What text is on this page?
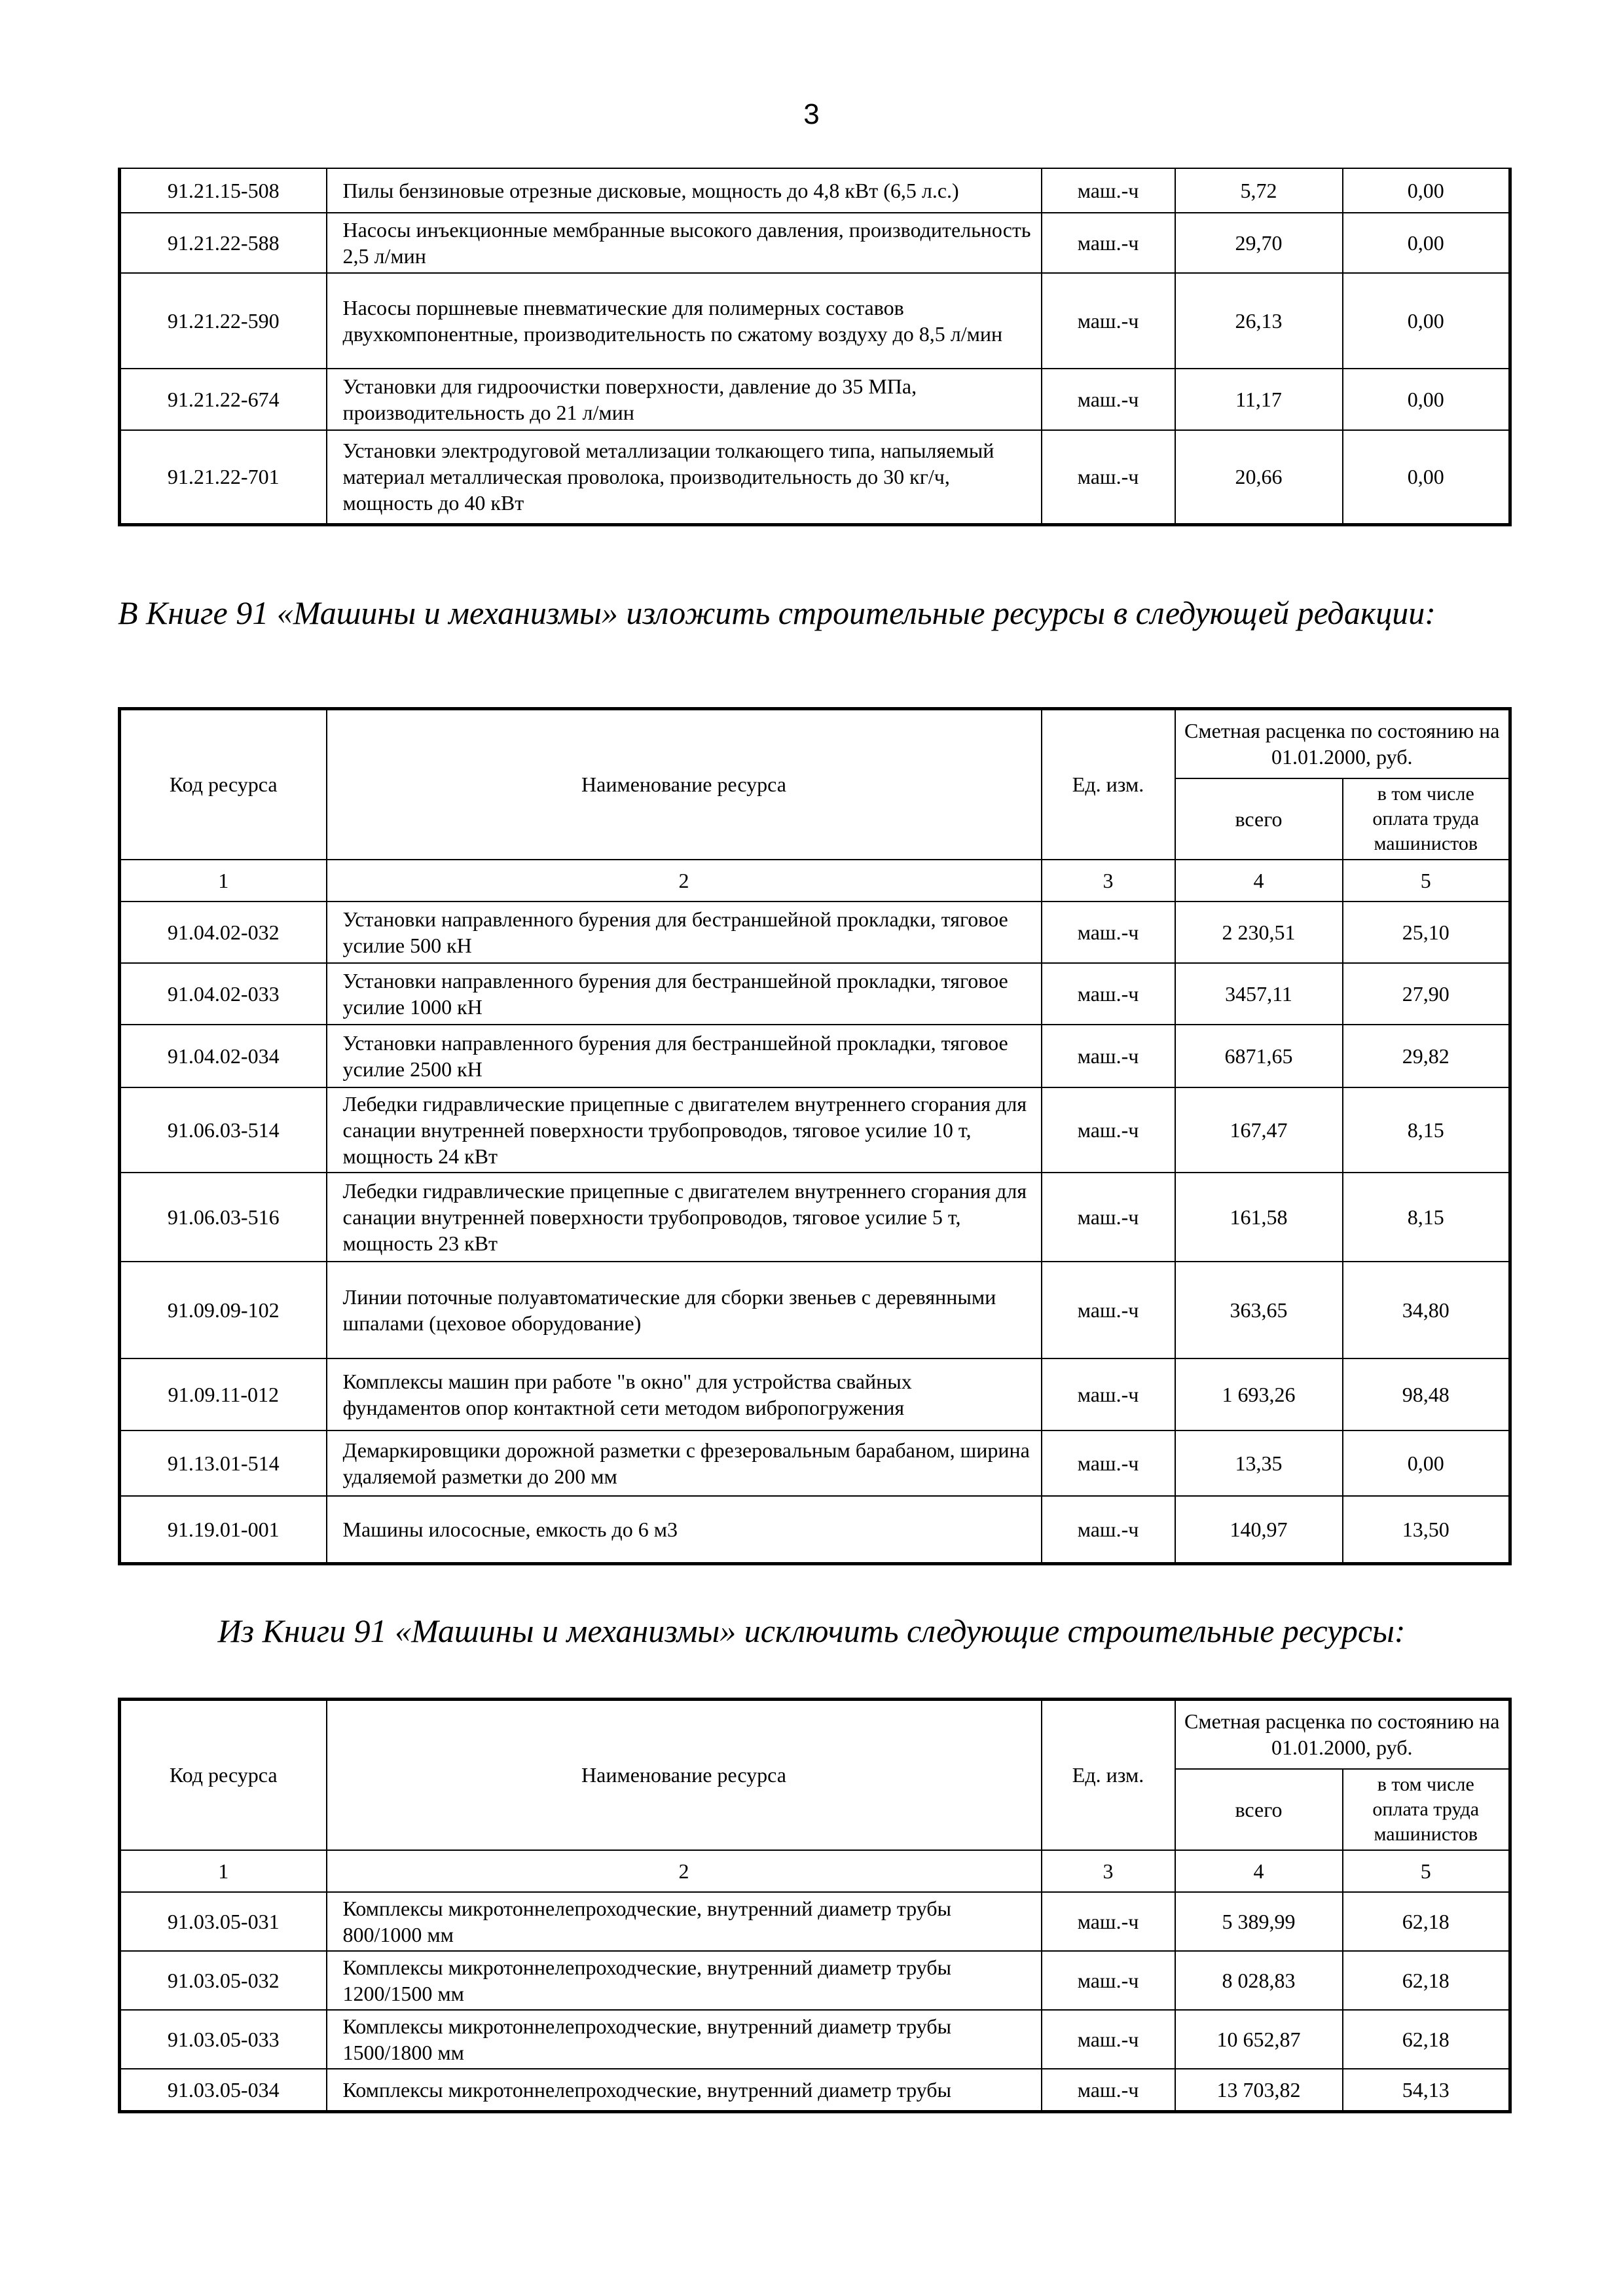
3
91.21.15-508	Пилы бензиновые отрезные дисковые, мощность до 4,8 кВт (6,5 л.с.)	маш.-ч	5,72	0,00
91.21.22-588	Насосы инъекционные мембранные высокого давления, производительность 2,5 л/мин	маш.-ч	29,70	0,00
91.21.22-590	Насосы поршневые пневматические для полимерных составов двухкомпонентные, производительность по сжатому воздуху до 8,5 л/мин	маш.-ч	26,13	0,00
91.21.22-674	Установки для гидроочистки поверхности, давление до 35 МПа, производительность до 21 л/мин	маш.-ч	11,17	0,00
91.21.22-701	Установки электродуговой металлизации толкающего типа, напыляемый материал металлическая проволока, производительность до 30 кг/ч, мощность до 40 кВт	маш.-ч	20,66	0,00
В Книге 91 «Машины и механизмы» изложить строительные ресурсы в следующей редакции:
Код ресурса	Наименование ресурса	Ед. изм.	Сметная расценка по состоянию на 01.01.2000, руб.	
			всего	в том числе оплата труда машинистов
1	2	3	4	5
91.04.02-032	Установки направленного бурения для бестраншейной прокладки, тяговое усилие 500 кН	маш.-ч	2 230,51	25,10
91.04.02-033	Установки направленного бурения для бестраншейной прокладки, тяговое усилие 1000 кН	маш.-ч	3457,11	27,90
91.04.02-034	Установки направленного бурения для бестраншейной прокладки, тяговое усилие 2500 кН	маш.-ч	6871,65	29,82
91.06.03-514	Лебедки гидравлические прицепные с двигателем внутреннего сгорания для санации внутренней поверхности трубопроводов, тяговое усилие 10 т, мощность 24 кВт	маш.-ч	167,47	8,15
91.06.03-516	Лебедки гидравлические прицепные с двигателем внутреннего сгорания для санации внутренней поверхности трубопроводов, тяговое усилие 5 т, мощность 23 кВт	маш.-ч	161,58	8,15
91.09.09-102	Линии поточные полуавтоматические для сборки звеньев с деревянными шпалами (цеховое оборудование)	маш.-ч	363,65	34,80
91.09.11-012	Комплексы машин при работе "в окно" для устройства свайных фундаментов опор контактной сети методом вибропогружения	маш.-ч	1 693,26	98,48
91.13.01-514	Демаркировщики дорожной разметки с фрезеровальным барабаном, ширина удаляемой разметки до 200 мм	маш.-ч	13,35	0,00
91.19.01-001	Машины илососные, емкость до 6 м3	маш.-ч	140,97	13,50
Из Книги 91 «Машины и механизмы» исключить следующие строительные ресурсы:
Код ресурса	Наименование ресурса	Ед. изм.	Сметная расценка по состоянию на 01.01.2000, руб.	
			всего	в том числе оплата труда машинистов
1	2	3	4	5
91.03.05-031	Комплексы микротоннелепроходческие, внутренний диаметр трубы 800/1000 мм	маш.-ч	5 389,99	62,18
91.03.05-032	Комплексы микротоннелепроходческие, внутренний диаметр трубы 1200/1500 мм	маш.-ч	8 028,83	62,18
91.03.05-033	Комплексы микротоннелепроходческие, внутренний диаметр трубы 1500/1800 мм	маш.-ч	10 652,87	62,18
91.03.05-034	Комплексы микротоннелепроходческие, внутренний диаметр трубы	маш.-ч	13 703,82	54,13
